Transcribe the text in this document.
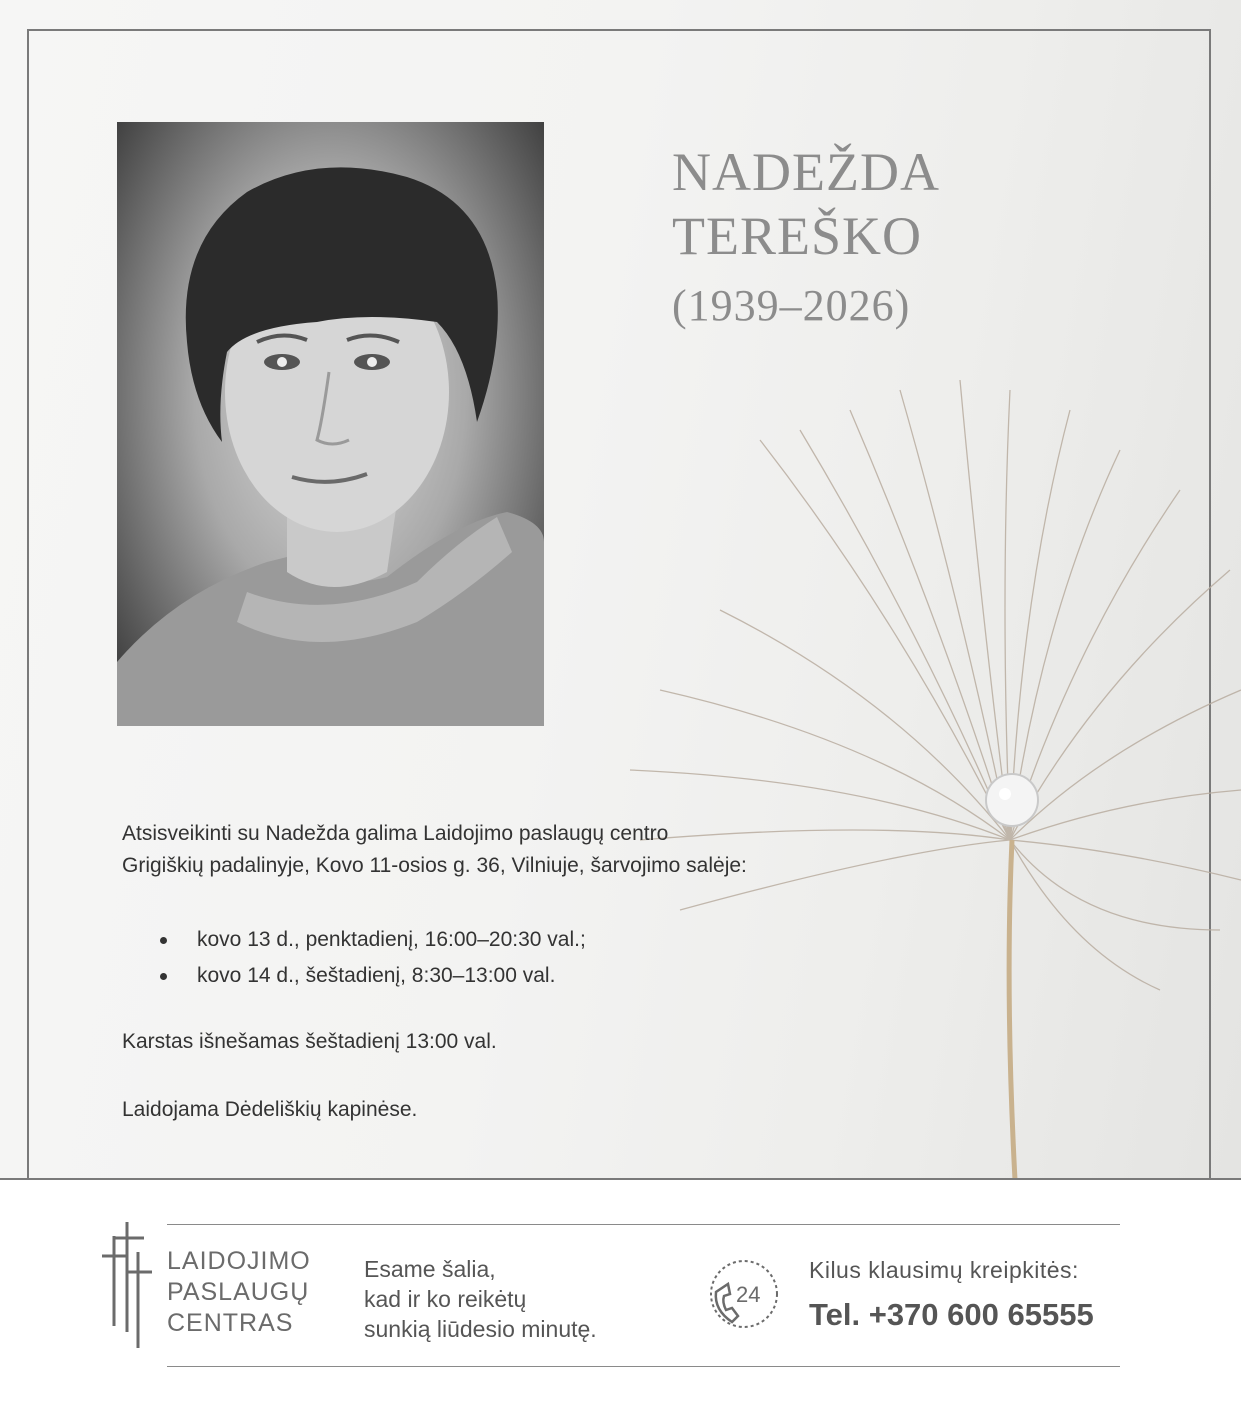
NADEŽDA
TEREŠKO
(1939–2026)
Atsisveikinti su Nadežda galima Laidojimo paslaugų centro
Grigiškių padalinyje, Kovo 11-osios g. 36, Vilniuje, šarvojimo salėje:
kovo 13 d., penktadienį, 16:00–20:30 val.;
kovo 14 d., šeštadienį, 8:30–13:00 val.
Karstas išnešamas šeštadienį 13:00 val.
Laidojama Dėdeliškių kapinėse.
LAIDOJIMO
PASLAUGŲ
CENTRAS
Esame šalia,
kad ir ko reikėtų
sunkią liūdesio minutę.
24
Kilus klausimų kreipkitės:
Tel. +370 600 65555
